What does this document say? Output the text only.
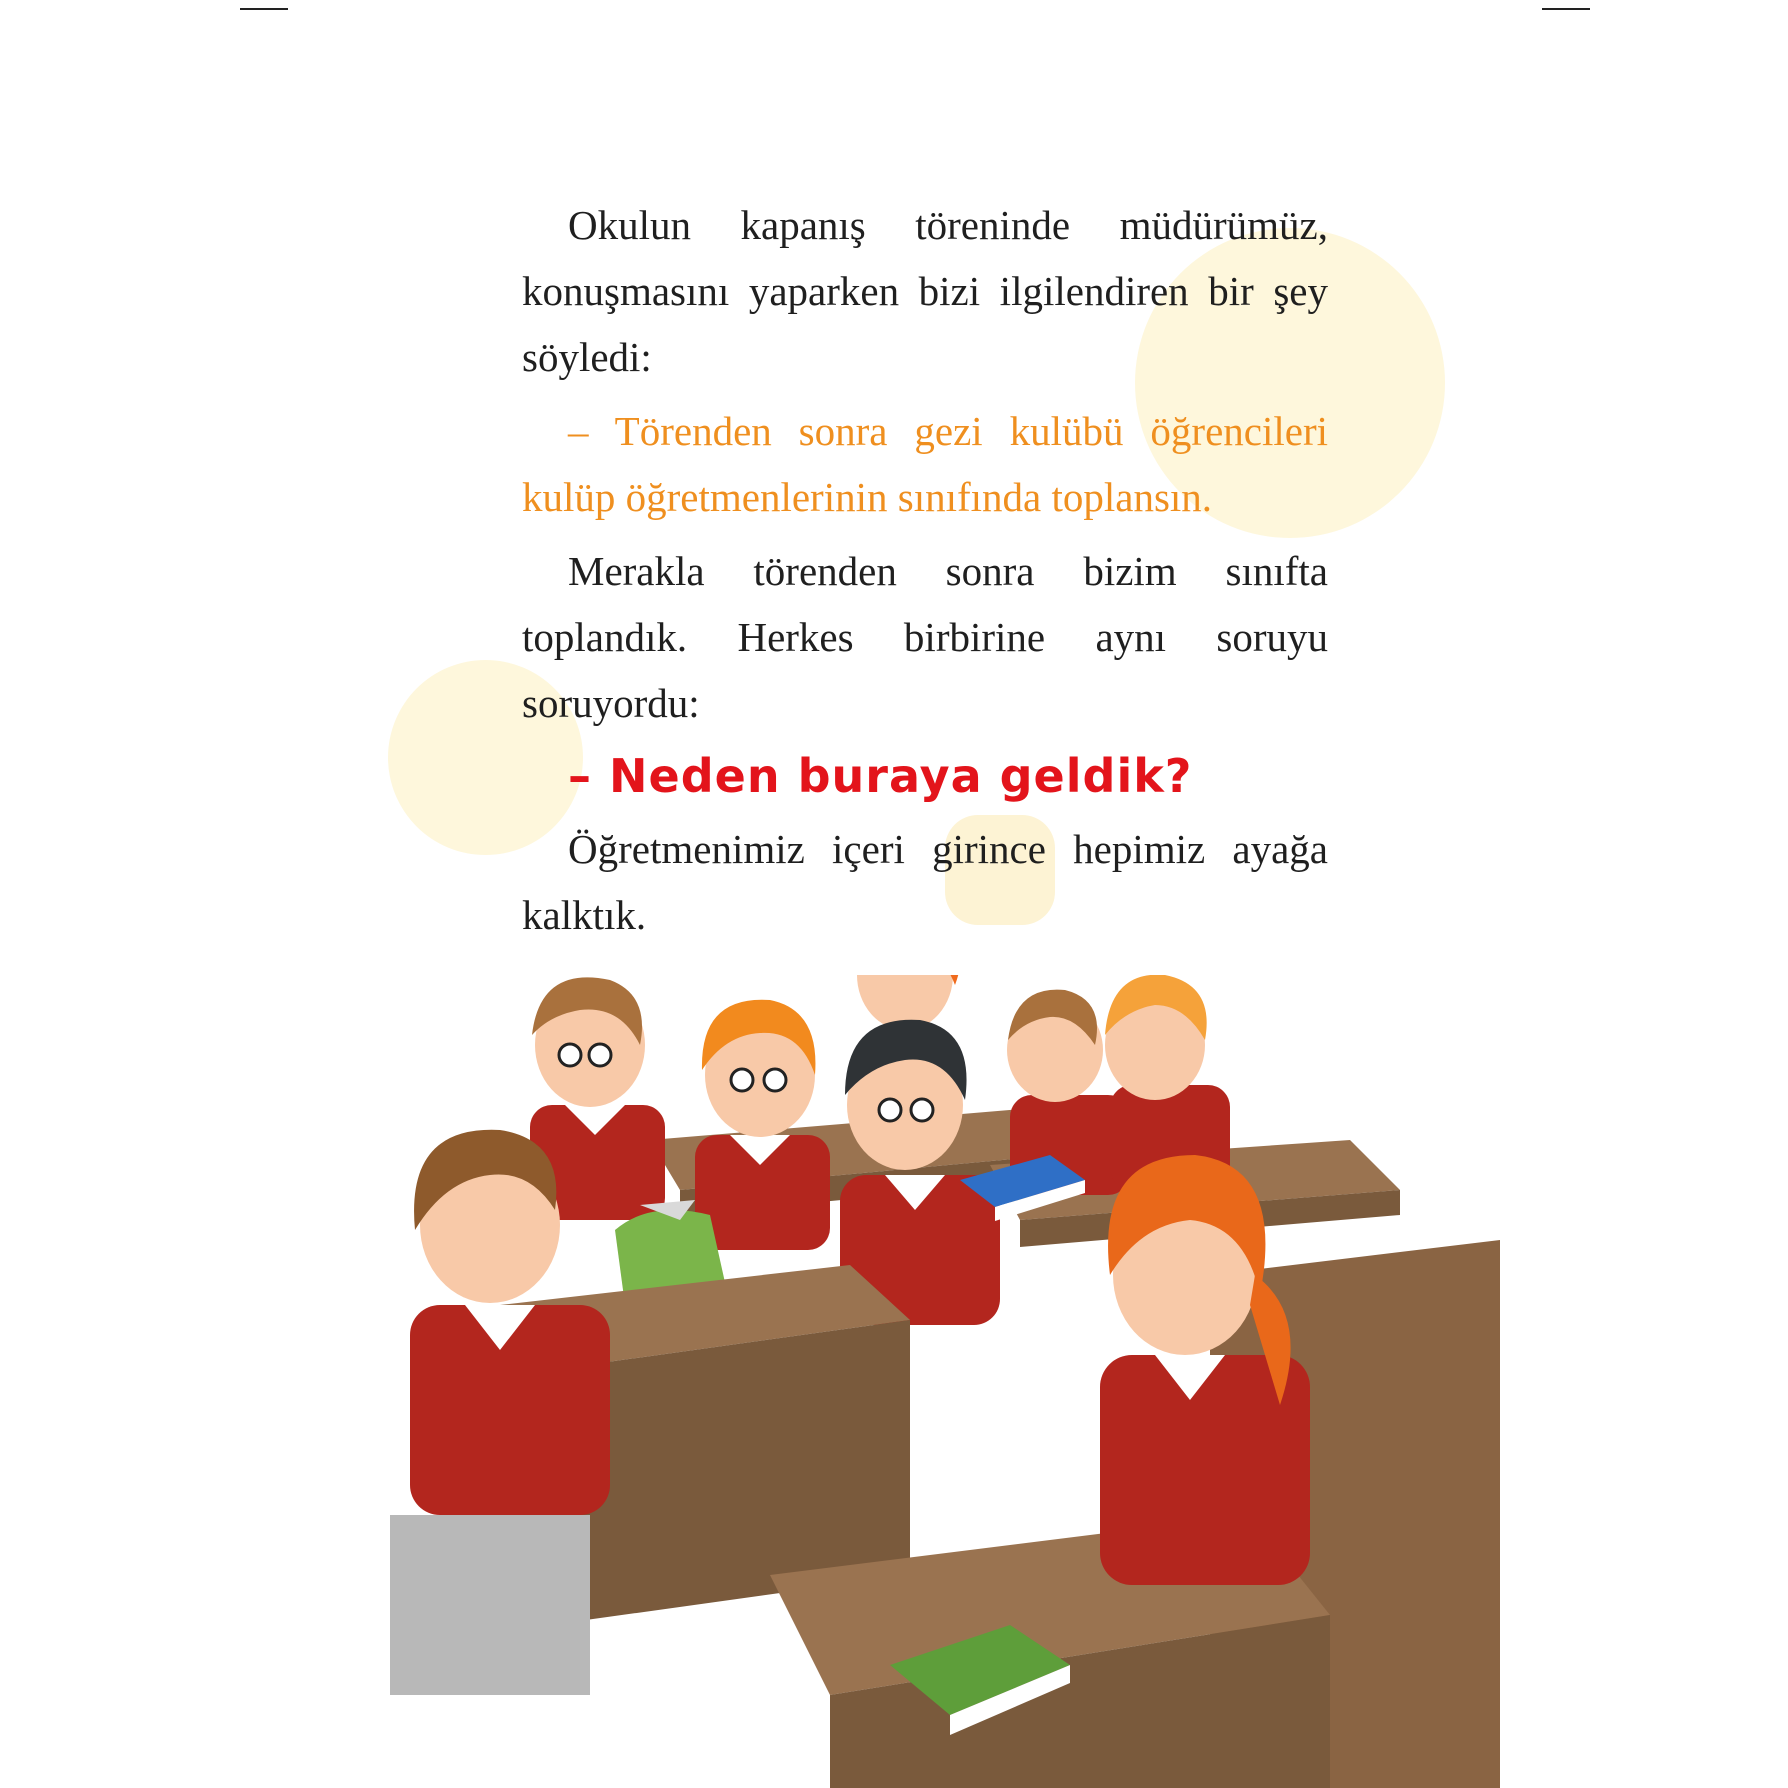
Okulun kapanış töreninde müdürümüz, konuşmasını yaparken bizi ilgilendiren bir şey söyledi:

– Törenden sonra gezi kulübü öğrencileri kulüp öğretmenlerinin sınıfında toplansın.

Merakla törenden sonra bizim sınıfta toplandık. Herkes birbirine aynı soruyu soruyordu:

– Neden buraya geldik?

Öğretmenimiz içeri girince hepimiz ayağa kalktık.
